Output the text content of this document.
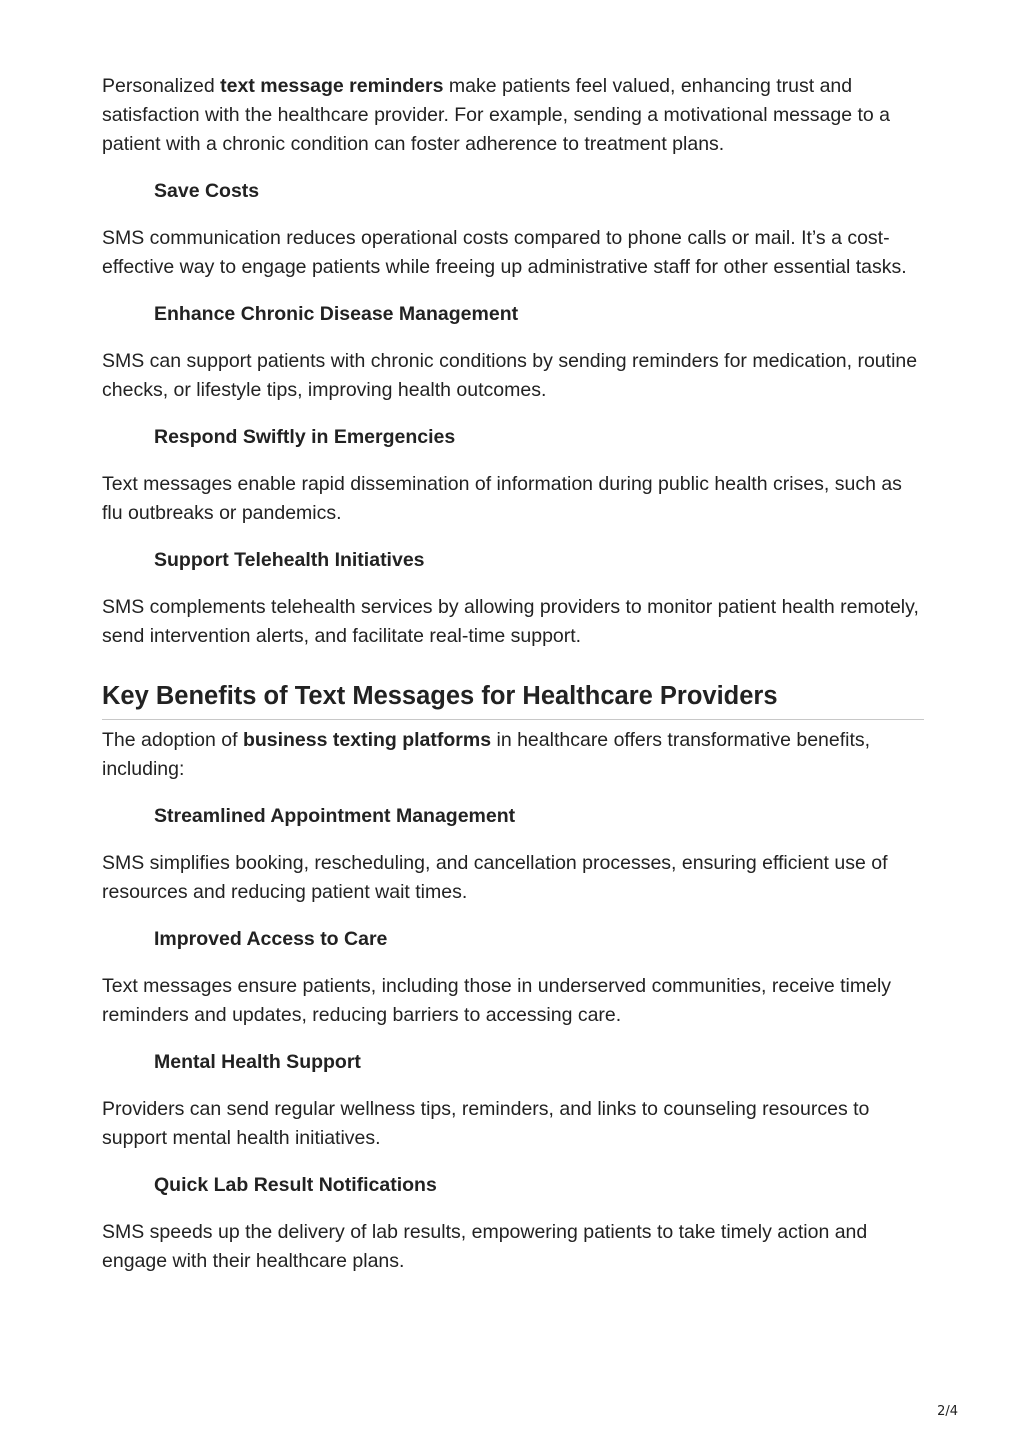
Personalized text message reminders make patients feel valued, enhancing trust and satisfaction with the healthcare provider. For example, sending a motivational message to a patient with a chronic condition can foster adherence to treatment plans.

Save Costs

SMS communication reduces operational costs compared to phone calls or mail. It’s a cost-effective way to engage patients while freeing up administrative staff for other essential tasks.

Enhance Chronic Disease Management

SMS can support patients with chronic conditions by sending reminders for medication, routine checks, or lifestyle tips, improving health outcomes.

Respond Swiftly in Emergencies

Text messages enable rapid dissemination of information during public health crises, such as flu outbreaks or pandemics.

Support Telehealth Initiatives

SMS complements telehealth services by allowing providers to monitor patient health remotely, send intervention alerts, and facilitate real-time support.

Key Benefits of Text Messages for Healthcare Providers

The adoption of business texting platforms in healthcare offers transformative benefits, including:

Streamlined Appointment Management

SMS simplifies booking, rescheduling, and cancellation processes, ensuring efficient use of resources and reducing patient wait times.

Improved Access to Care

Text messages ensure patients, including those in underserved communities, receive timely reminders and updates, reducing barriers to accessing care.

Mental Health Support

Providers can send regular wellness tips, reminders, and links to counseling resources to support mental health initiatives.

Quick Lab Result Notifications

SMS speeds up the delivery of lab results, empowering patients to take timely action and engage with their healthcare plans.

2/4
